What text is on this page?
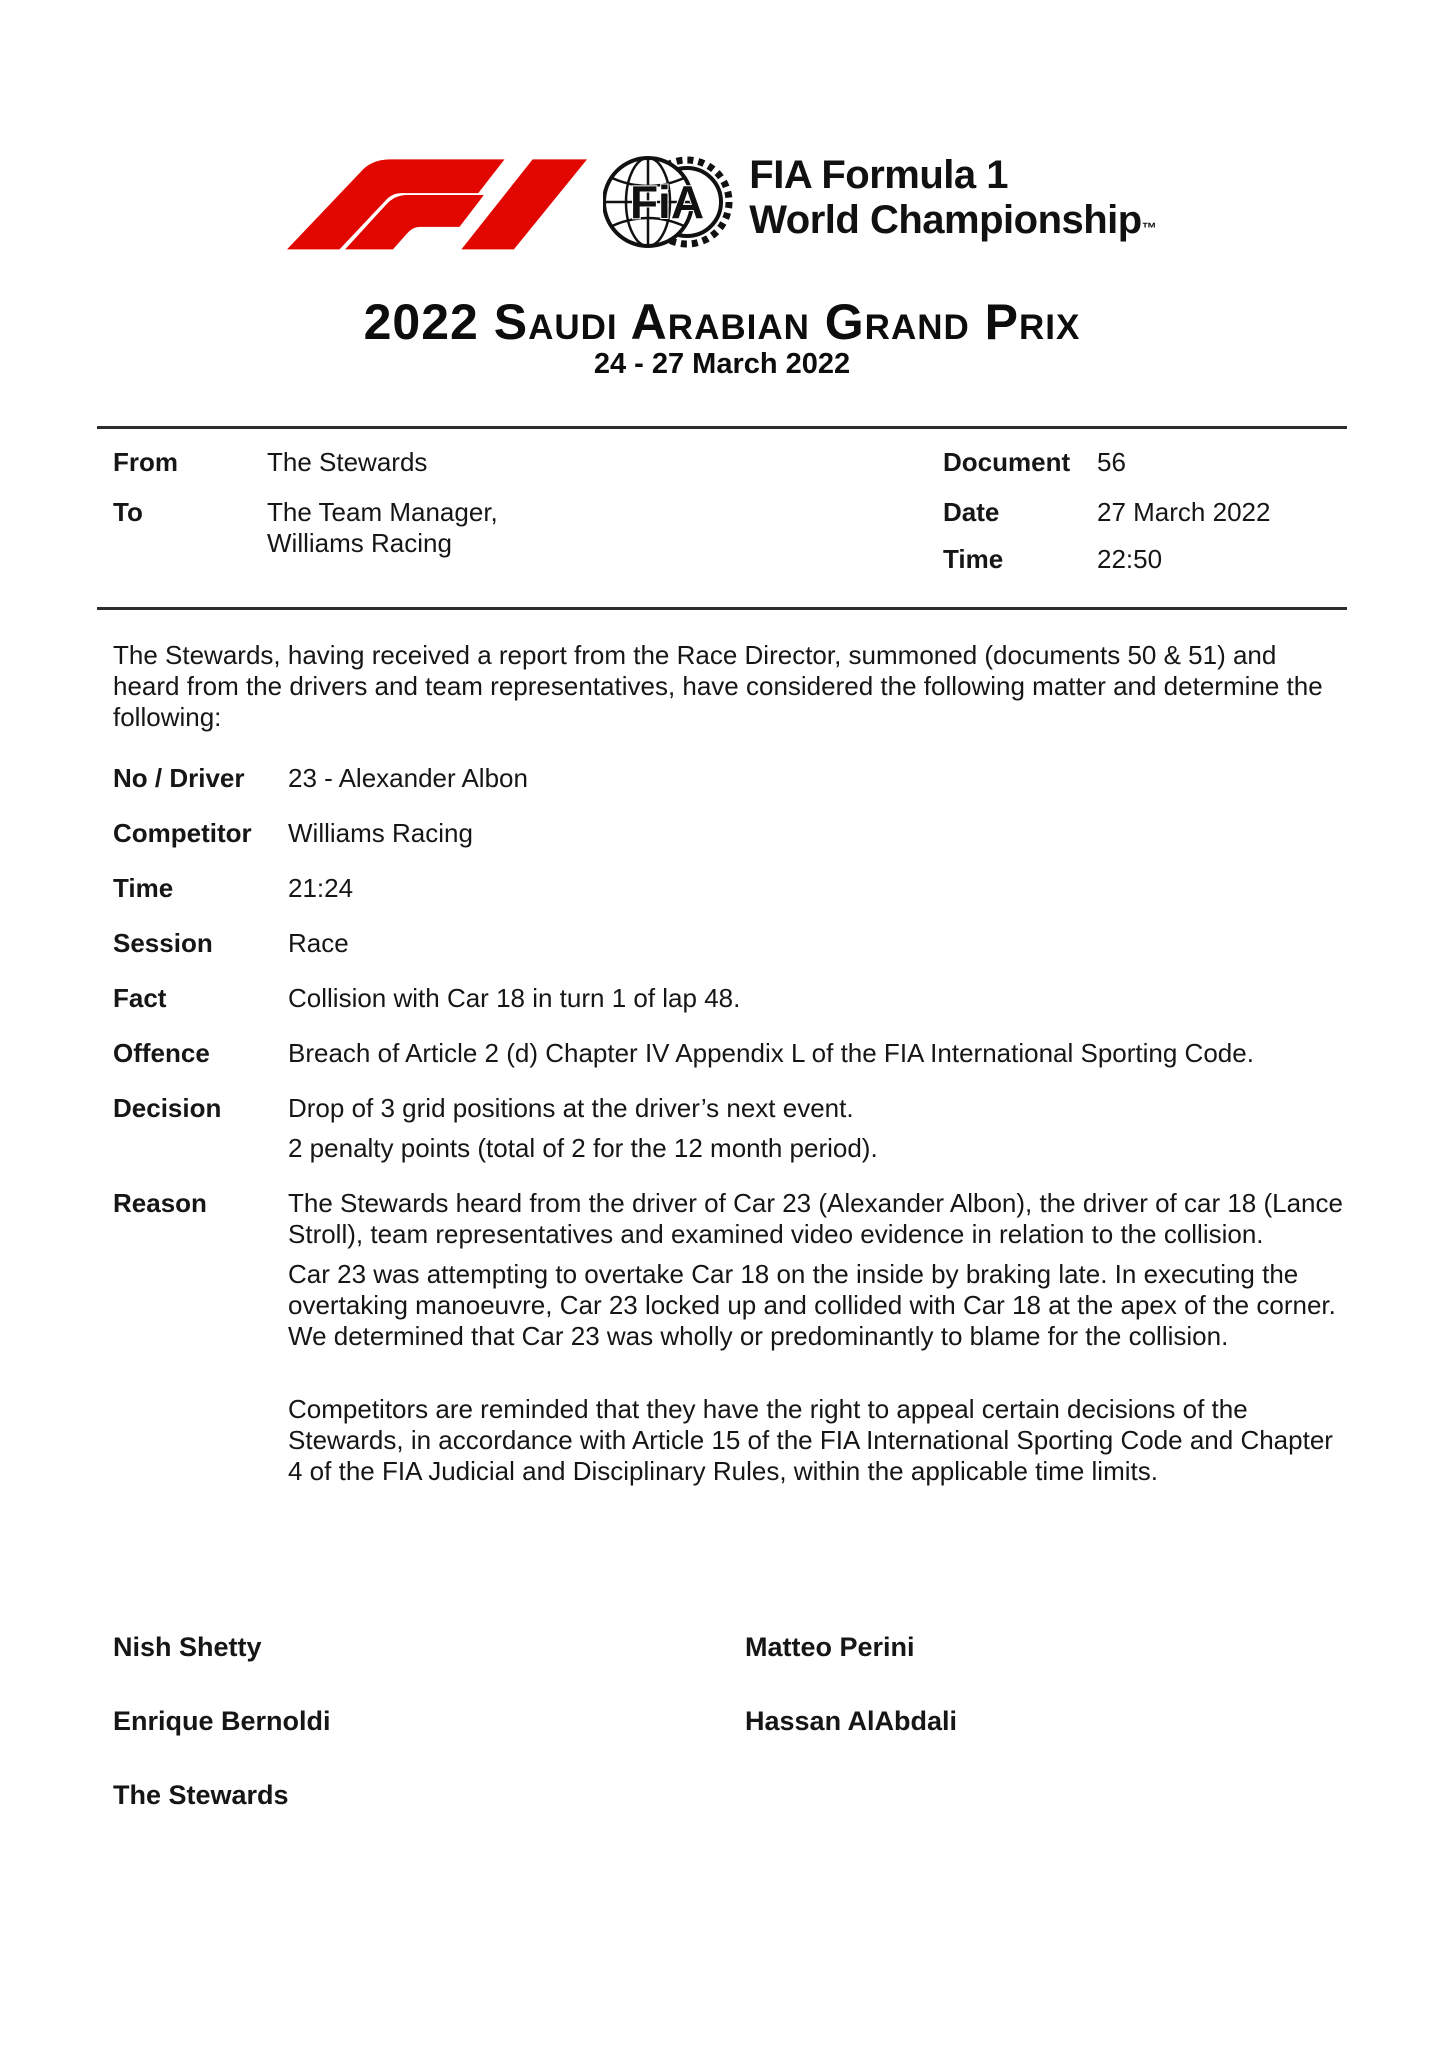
FiA
FIA Formula 1
World Championship™
2022 Saudi Arabian Grand Prix
24 - 27 March 2022
From	The Stewards
To	The Team Manager,
Williams Racing
Document	56
Date	27 March 2022
Time	22:50

The Stewards, having received a report from the Race Director, summoned (documents 50 & 51) and heard from the drivers and team representatives, have considered the following matter and determine the following:

No / Driver	23 - Alexander Albon
Competitor	Williams Racing
Time	21:24
Session	Race
Fact	Collision with Car 18 in turn 1 of lap 48.
Offence	Breach of Article 2 (d) Chapter IV Appendix L of the FIA International Sporting Code.
Decision	Drop of 3 grid positions at the driver’s next event.

2 penalty points (total of 2 for the 12 month period).

Reason	The Stewards heard from the driver of Car 23 (Alexander Albon), the driver of car 18 (Lance Stroll), team representatives and examined video evidence in relation to the collision.

Car 23 was attempting to overtake Car 18 on the inside by braking late. In executing the overtaking manoeuvre, Car 23 locked up and collided with Car 18 at the apex of the corner. We determined that Car 23 was wholly or predominantly to blame for the collision.

Competitors are reminded that they have the right to appeal certain decisions of the Stewards, in accordance with Article 15 of the FIA International Sporting Code and Chapter 4 of the FIA Judicial and Disciplinary Rules, within the applicable time limits.

Nish Shetty	Matteo Perini
Enrique Bernoldi	Hassan AlAbdali
The Stewards
